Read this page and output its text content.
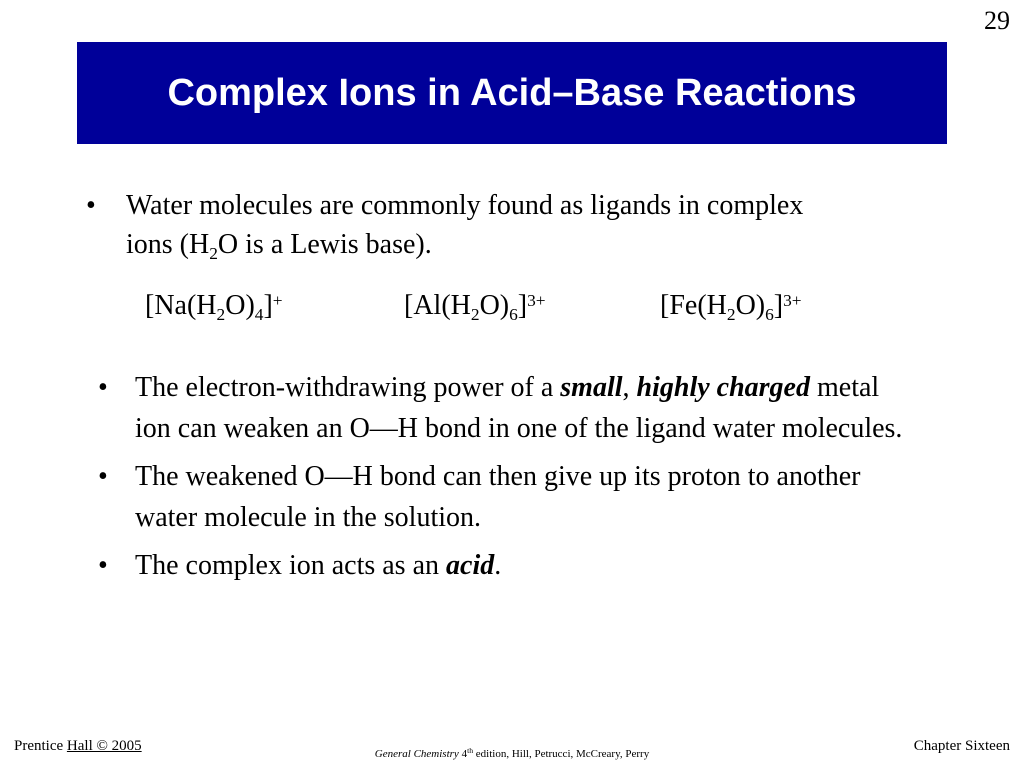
29
Complex Ions in Acid–Base Reactions
• Water molecules are commonly found as ligands in complex ions ($H_2O$ is a Lewis base).
$[Na(H_2O)_4]^+$	$[Al(H_2O)_6]^{3+}$	$[Fe(H_2O)_6]^{3+}$
• The electron-withdrawing power of a small, highly charged metal ion can weaken an O—H bond in one of the ligand water molecules.
• The weakened O—H bond can then give up its proton to another water molecule in the solution.
• The complex ion acts as an acid.
Prentice Hall © 2005	General Chemistry 4th edition, Hill, Petrucci, McCreary, Perry	Chapter Sixteen
